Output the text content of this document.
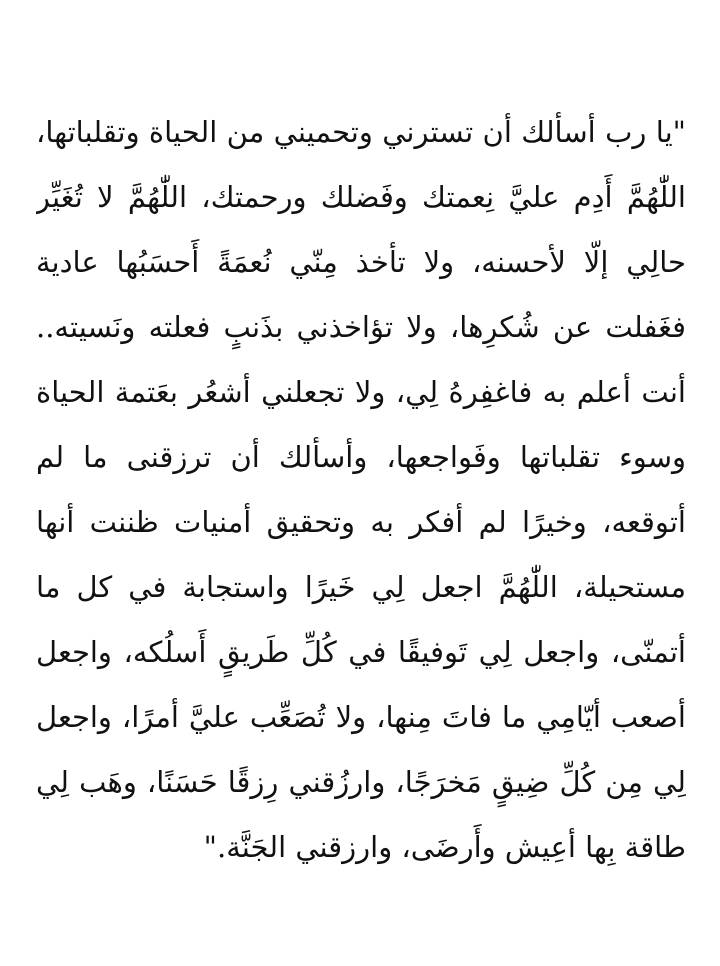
"يا رب أسألك أن تسترني وتحميني من الحياة وتقلباتها،
اللّٰهُمَّ أَدِم عليَّ نِعمتك وفَضلك ورحمتك، اللّٰهُمَّ لا تُغَيِّر
حالِي إلّا لأحسنه، ولا تأخذ مِنّي نُعمَةً أَحسَبُها عادية
فغَفلت عن شُكرِها، ولا تؤاخذني بذَنبٍ فعلته ونَسيته..
أنت أعلم به فاغفِرهُ لِي، ولا تجعلني أشعُر بعَتمة الحياة
وسوء تقلباتها وفَواجعها، وأسألك أن ترزقنى ما لم
أتوقعه، وخيرًا لم أفكر به وتحقيق أمنيات ظننت أنها
مستحيلة، اللّٰهُمَّ اجعل لِي خَيرًا واستجابة في كل ما
أتمنّى، واجعل لِي تَوفيقًا في كُلِّ طَريقٍ أَسلُكه، واجعل
أصعب أيّامِي ما فاتَ مِنها، ولا تُصَعِّب عليَّ أمرًا، واجعل
لِي مِن كُلِّ ضِيقٍ مَخرَجًا، وارزُقني رِزقًا حَسَنًا، وهَب لِي
طاقة بِها أعِيش وأَرضَى، وارزقني الجَنَّة."
